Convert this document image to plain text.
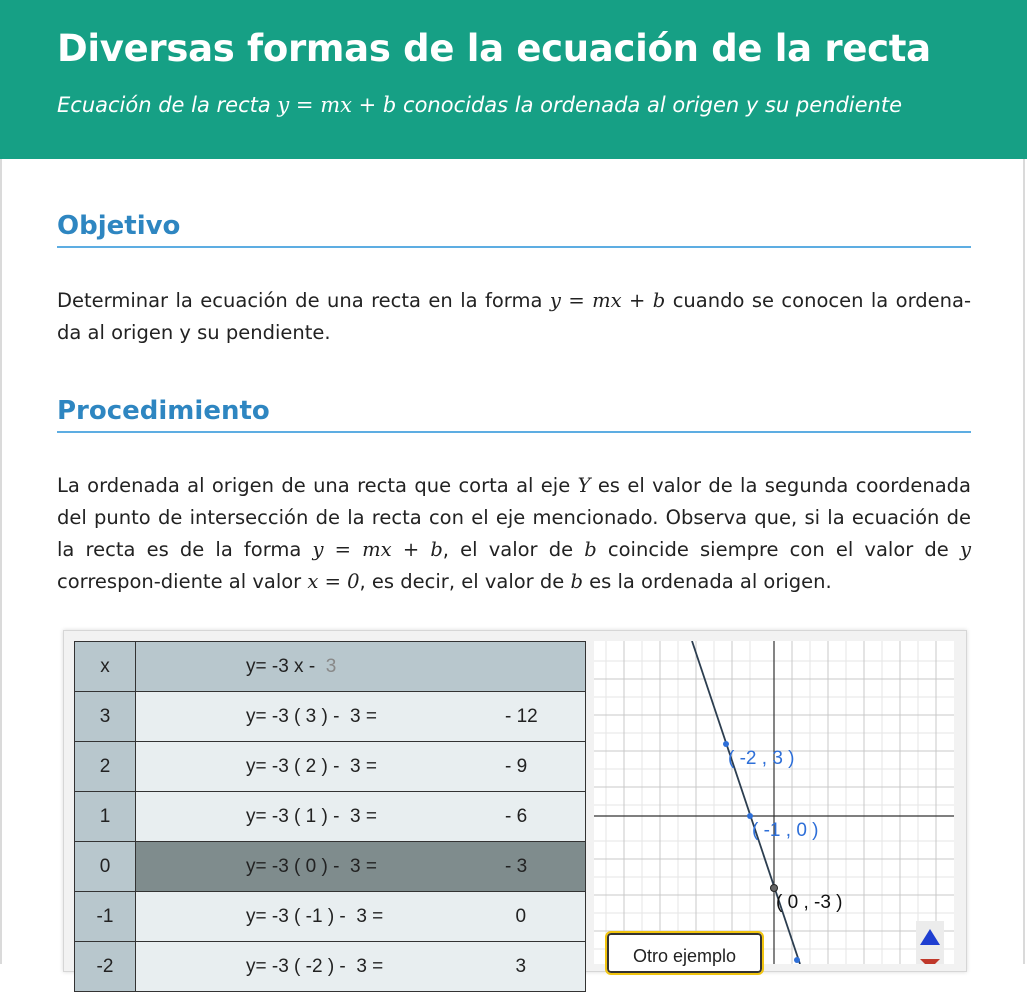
Diversas formas de la ecuación de la recta

Ecuación de la recta y = mx + b conocidas la ordenada al origen y su pendiente

Objetivo

Determinar la ecuación de una recta en la forma y = mx + b cuando se conocen la ordena-da al origen y su pendiente.

Procedimiento

La ordenada al origen de una recta que corta al eje Y es el valor de la segunda coordenada del punto de intersección de la recta con el eje mencionado. Observa que, si la ecuación de la recta es de la forma y = mx + b, el valor de b coincide siempre con el valor de y correspon-diente al valor x = 0, es decir, el valor de b es la ordenada al origen.

x	y= -3 x -  3

3	y= -3 ( 3 ) -  3 = - 12

2	y= -3 ( 2 ) -  3 = - 9

1	y= -3 ( 1 ) -  3 = - 6

0	y= -3 ( 0 ) -  3 = - 3

-1	y= -3 ( -1 ) -  3 = 0

-2	y= -3 ( -2 ) -  3 = 3
( -2 , 3 )
( -1 , 0 )
( 0 , -3 )
Otro ejemplo
